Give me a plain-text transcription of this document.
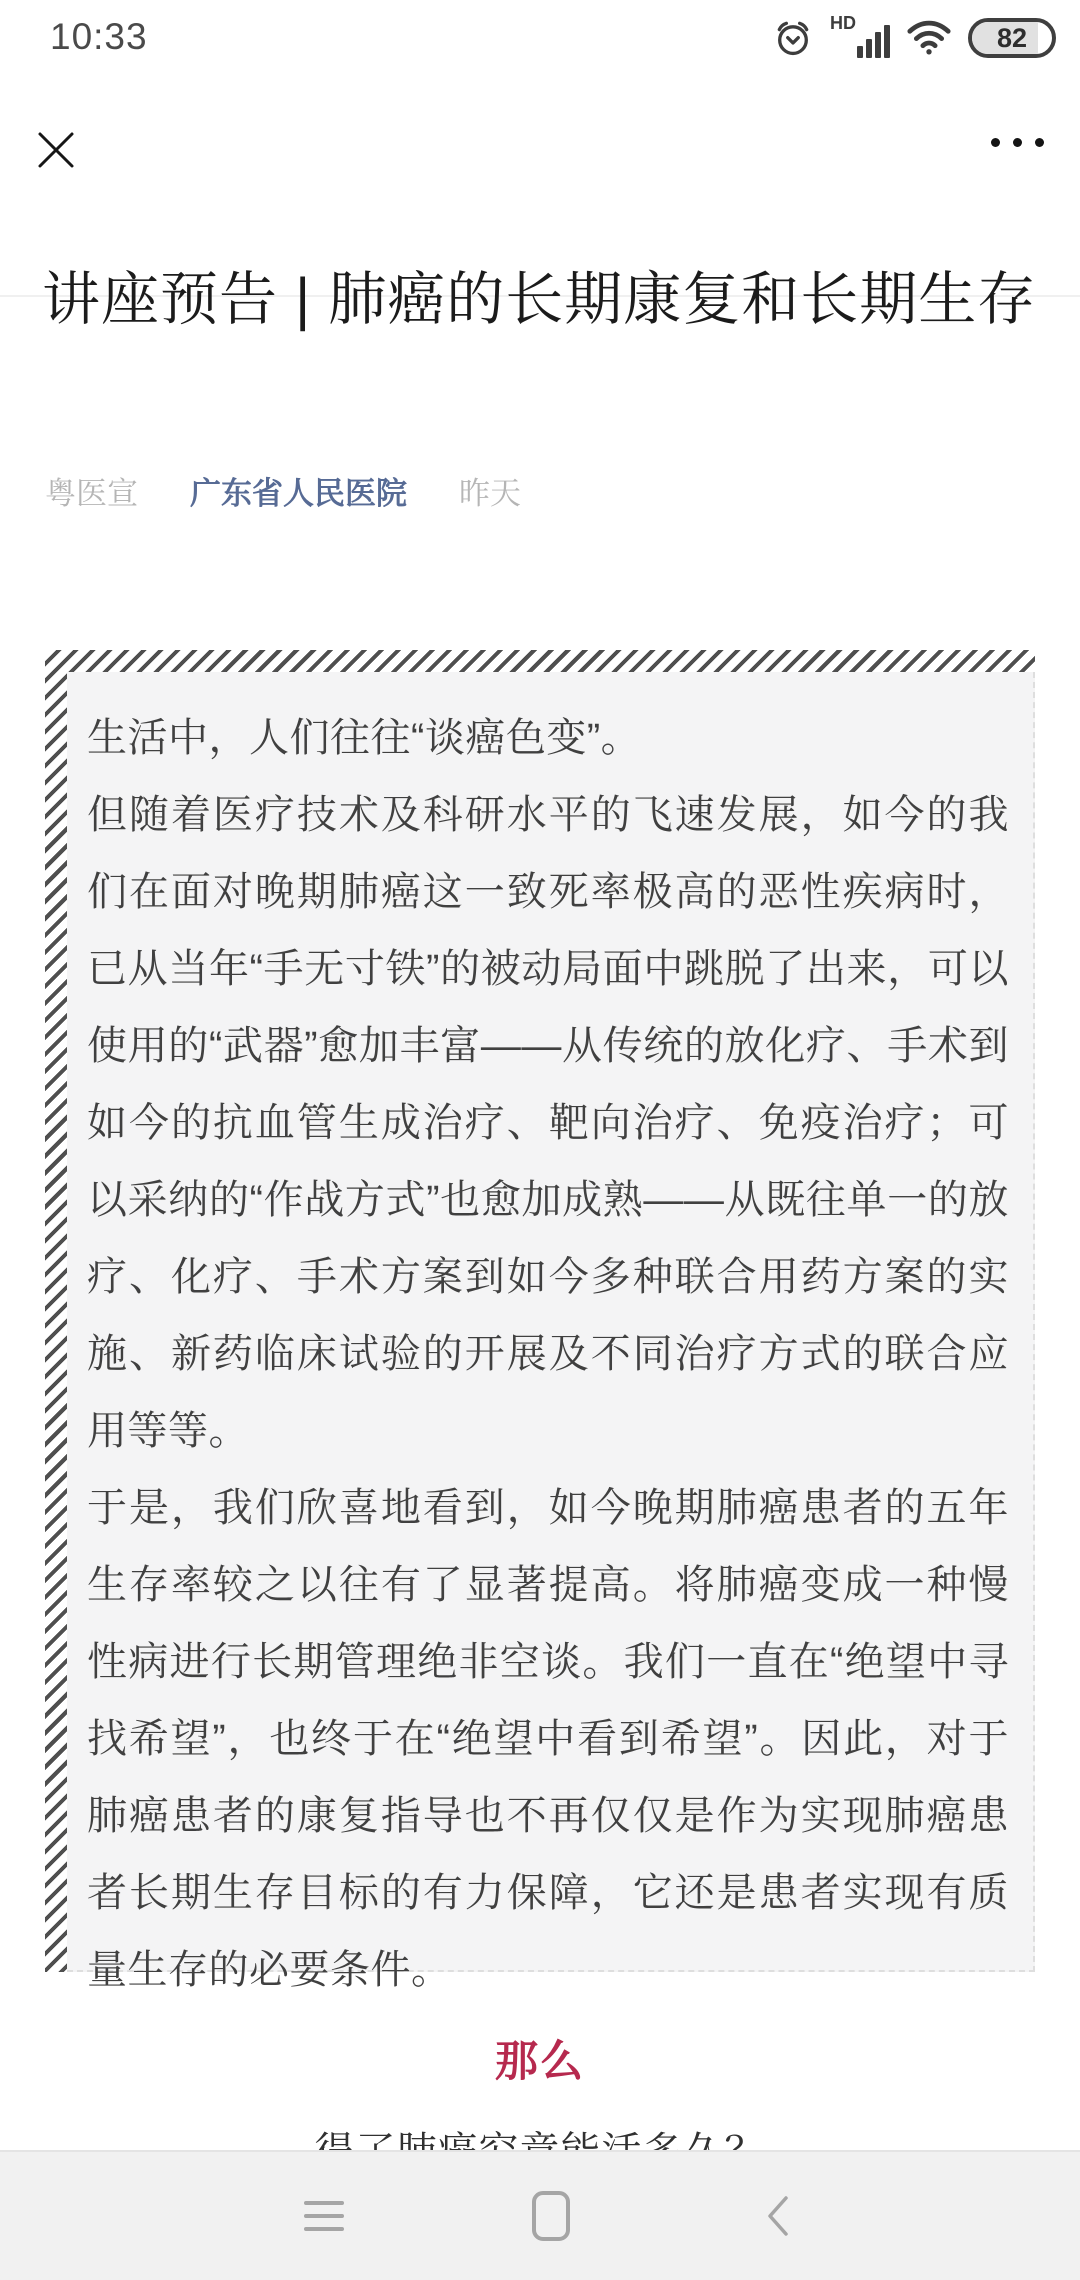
10:33	HD	82
讲座预告 | 肺癌的长期康复和长期生存
粤医宣 广东省人民医院 昨天

生活中，人们往往“谈癌色变”。

但随着医疗技术及科研水平的飞速发展，如今的我们在面对晚期肺癌这一致死率极高的恶性疾病时，已从当年“手无寸铁”的被动局面中跳脱了出来，可以使用的“武器”愈加丰富——从传统的放化疗、手术到如今的抗血管生成治疗、靶向治疗、免疫治疗；可以采纳的“作战方式”也愈加成熟——从既往单一的放疗、化疗、手术方案到如今多种联合用药方案的实施、新药临床试验的开展及不同治疗方式的联合应用等等。

于是，我们欣喜地看到，如今晚期肺癌患者的五年生存率较之以往有了显著提高。将肺癌变成一种慢性病进行长期管理绝非空谈。我们一直在“绝望中寻找希望”，也终于在“绝望中看到希望”。因此，对于肺癌患者的康复指导也不再仅仅是作为实现肺癌患者长期生存目标的有力保障，它还是患者实现有质量生存的必要条件。

那么
